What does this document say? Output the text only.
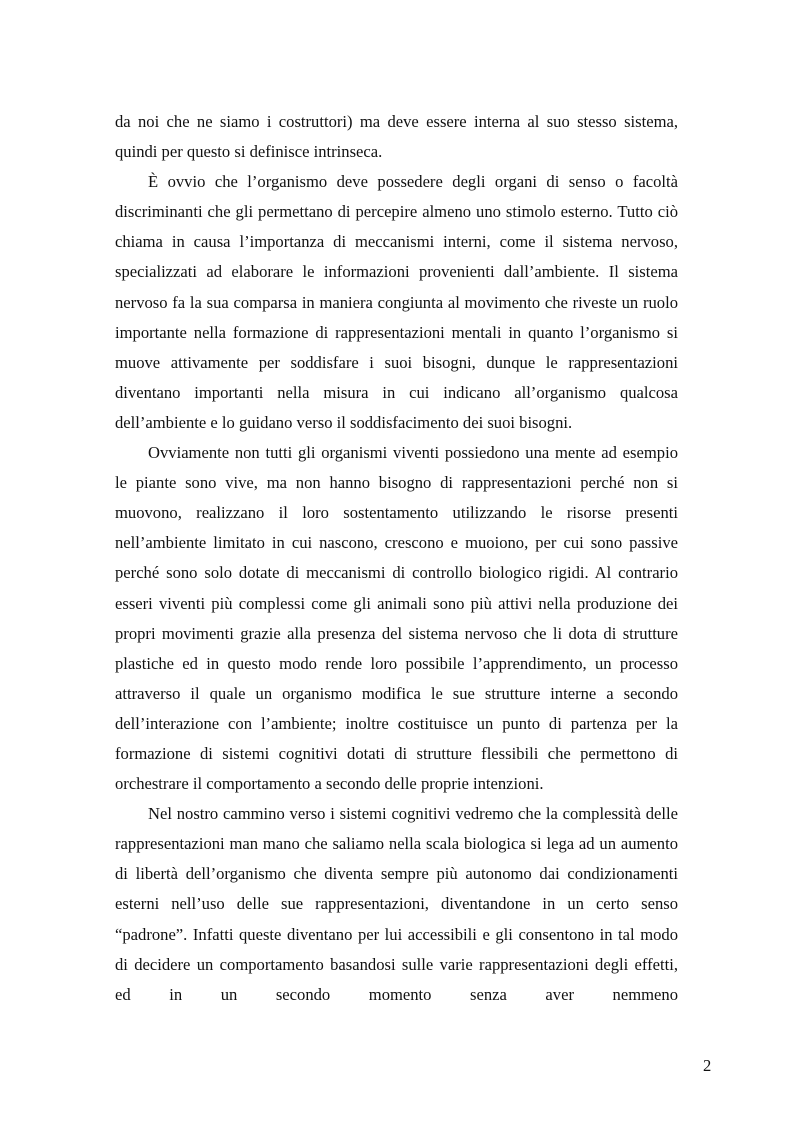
da noi che ne siamo i costruttori) ma deve essere interna al suo stesso sistema, quindi per questo si definisce intrinseca.

È ovvio che l’organismo deve possedere degli organi di senso o facoltà discriminanti che gli permettano di percepire almeno uno stimolo esterno. Tutto ciò chiama in causa l’importanza di meccanismi interni, come il sistema nervoso, specializzati ad elaborare le informazioni provenienti dall’ambiente. Il sistema nervoso fa la sua comparsa in maniera congiunta al movimento che riveste un ruolo importante nella formazione di rappresentazioni mentali in quanto l’organismo si muove attivamente per soddisfare i suoi bisogni, dunque le rappresentazioni diventano importanti nella misura in cui indicano all’organismo qualcosa dell’ambiente e lo guidano verso il soddisfacimento dei suoi bisogni.

Ovviamente non tutti gli organismi viventi possiedono una mente ad esempio le piante sono vive, ma non hanno bisogno di rappresentazioni perché non si muovono, realizzano il loro sostentamento utilizzando le risorse presenti nell’ambiente limitato in cui nascono, crescono e muoiono, per cui sono passive perché sono solo dotate di meccanismi di controllo biologico rigidi. Al contrario esseri viventi più complessi come gli animali sono più attivi nella produzione dei propri movimenti grazie alla presenza del sistema nervoso che li dota di strutture plastiche ed in questo modo rende loro possibile l’apprendimento, un processo attraverso il quale un organismo modifica le sue strutture interne a secondo dell’interazione con l’ambiente; inoltre costituisce un punto di partenza per la formazione di sistemi cognitivi dotati di strutture flessibili che permettono di orchestrare il comportamento a secondo delle proprie intenzioni.

Nel nostro cammino verso i sistemi cognitivi vedremo che la complessità delle rappresentazioni man mano che saliamo nella scala biologica si lega ad un aumento di libertà dell’organismo che diventa sempre più autonomo dai condizionamenti esterni nell’uso delle sue rappresentazioni, diventandone in un certo senso “padrone”. Infatti queste diventano per lui accessibili e gli consentono in tal modo di decidere un comportamento basandosi sulle varie rappresentazioni degli effetti, ed in un secondo momento senza aver nemmeno

2
